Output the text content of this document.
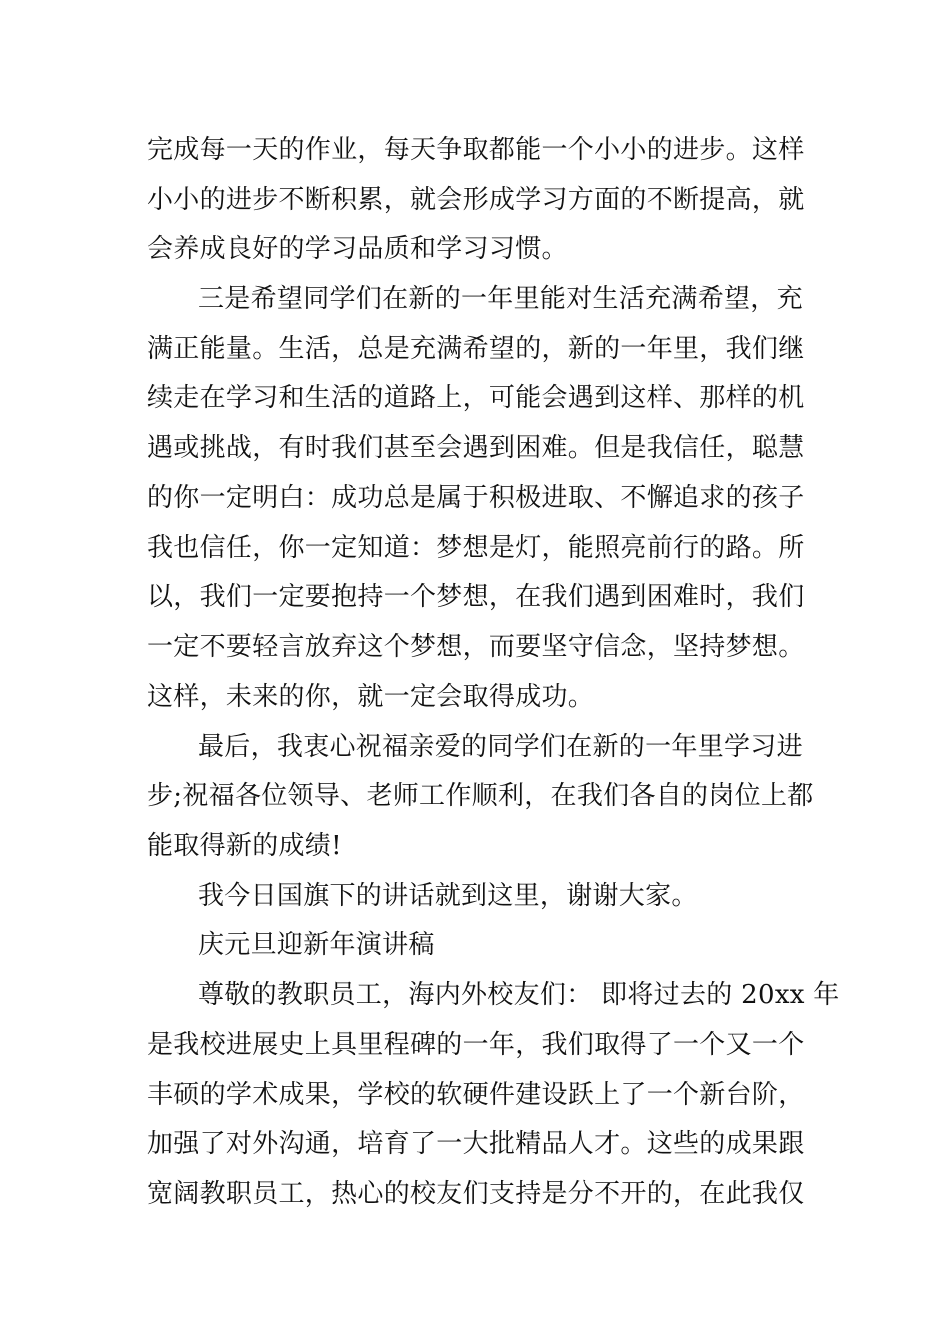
完成每一天的作业，每天争取都能一个小小的进步。这样
小小的进步不断积累，就会形成学习方面的不断提高，就
会养成良好的学习品质和学习习惯。
三是希望同学们在新的一年里能对生活充满希望，充
满正能量。生活，总是充满希望的，新的一年里，我们继
续走在学习和生活的道路上，可能会遇到这样、那样的机
遇或挑战，有时我们甚至会遇到困难。但是我信任，聪慧
的你一定明白：成功总是属于积极进取、不懈追求的孩子
我也信任，你一定知道：梦想是灯，能照亮前行的路。所
以，我们一定要抱持一个梦想，在我们遇到困难时，我们
一定不要轻言放弃这个梦想，而要坚守信念，坚持梦想。
这样，未来的你，就一定会取得成功。
最后，我衷心祝福亲爱的同学们在新的一年里学习进
步;祝福各位领导、老师工作顺利，在我们各自的岗位上都
能取得新的成绩!
我今日国旗下的讲话就到这里，谢谢大家。
庆元旦迎新年演讲稿
尊敬的教职员工，海内外校友们： 即将过去的 20xx 年
是我校进展史上具里程碑的一年，我们取得了一个又一个
丰硕的学术成果，学校的软硬件建设跃上了一个新台阶，
加强了对外沟通，培育了一大批精品人才。这些的成果跟
宽阔教职员工，热心的校友们支持是分不开的，在此我仅
